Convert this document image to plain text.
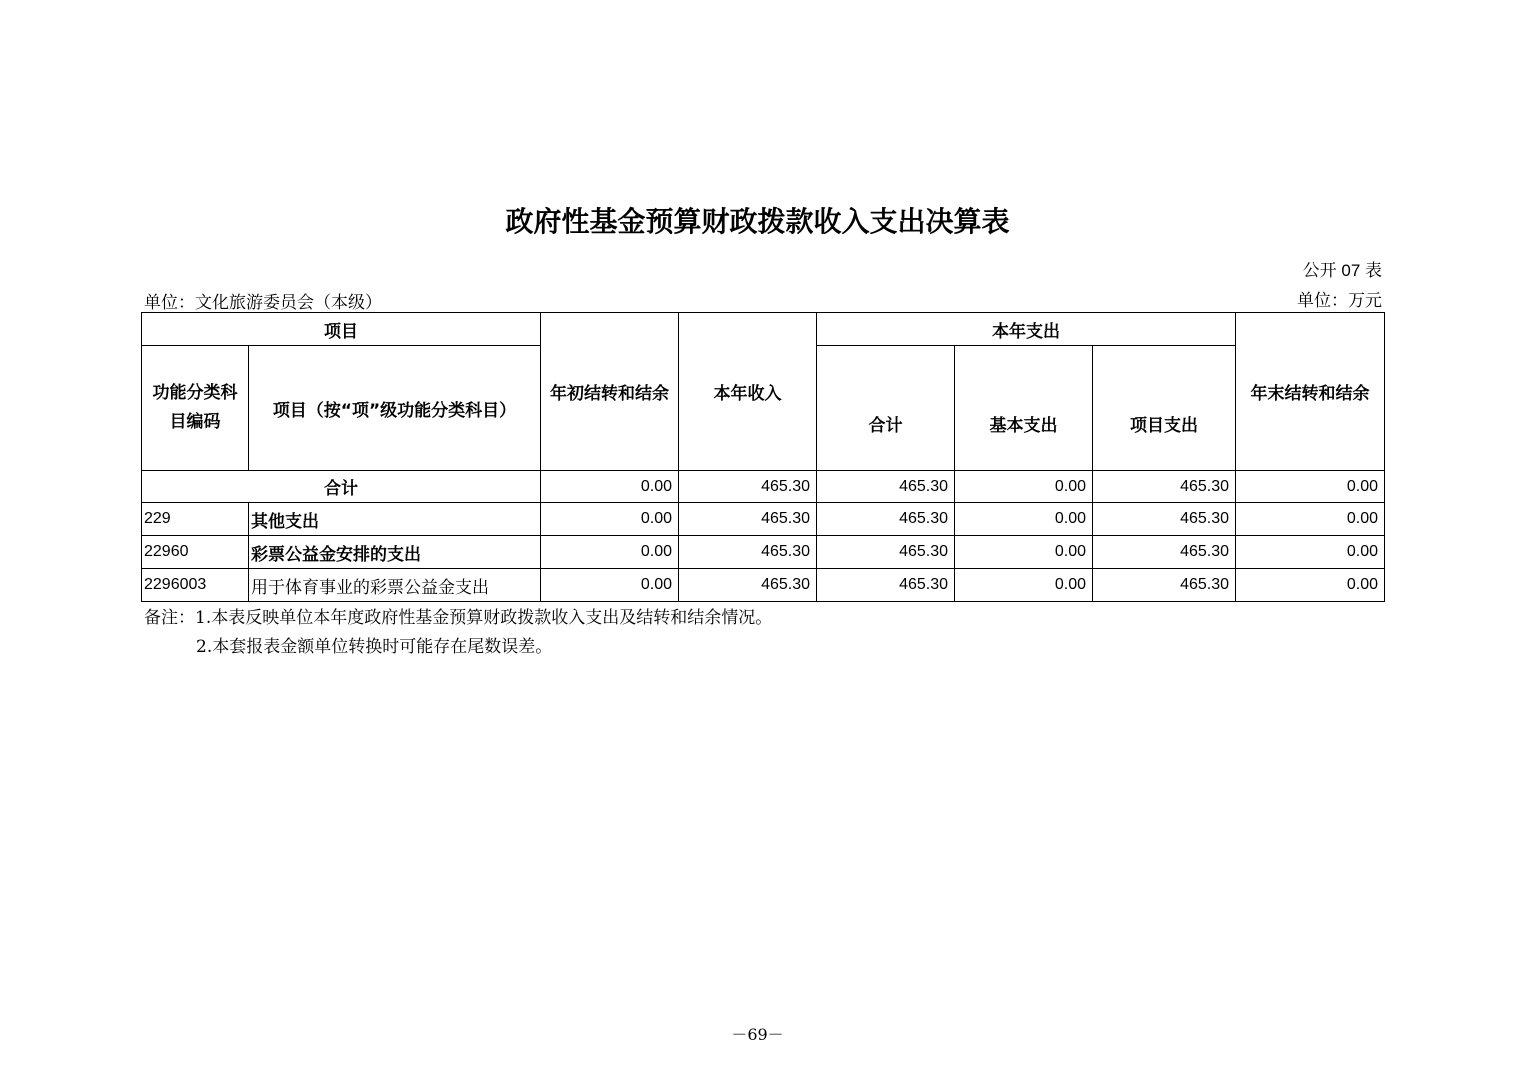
政府性基金预算财政拨款收入支出决算表
公开 07 表
单位：文化旅游委员会（本级）	单位：万元
项目		年初结转和结余	本年收入	本年支出			年末结转和结余
功能分类科目编码	项目（按“项”级功能分类科目）			合计	基本支出	项目支出	
合计		0.00	465.30	465.30	0.00	465.30	0.00
229	其他支出	0.00	465.30	465.30	0.00	465.30	0.00
22960	彩票公益金安排的支出	0.00	465.30	465.30	0.00	465.30	0.00
2296003	用于体育事业的彩票公益金支出	0.00	465.30	465.30	0.00	465.30	0.00
备注：1.本表反映单位本年度政府性基金预算财政拨款收入支出及结转和结余情况。
2.本套报表金额单位转换时可能存在尾数误差。
－69－
